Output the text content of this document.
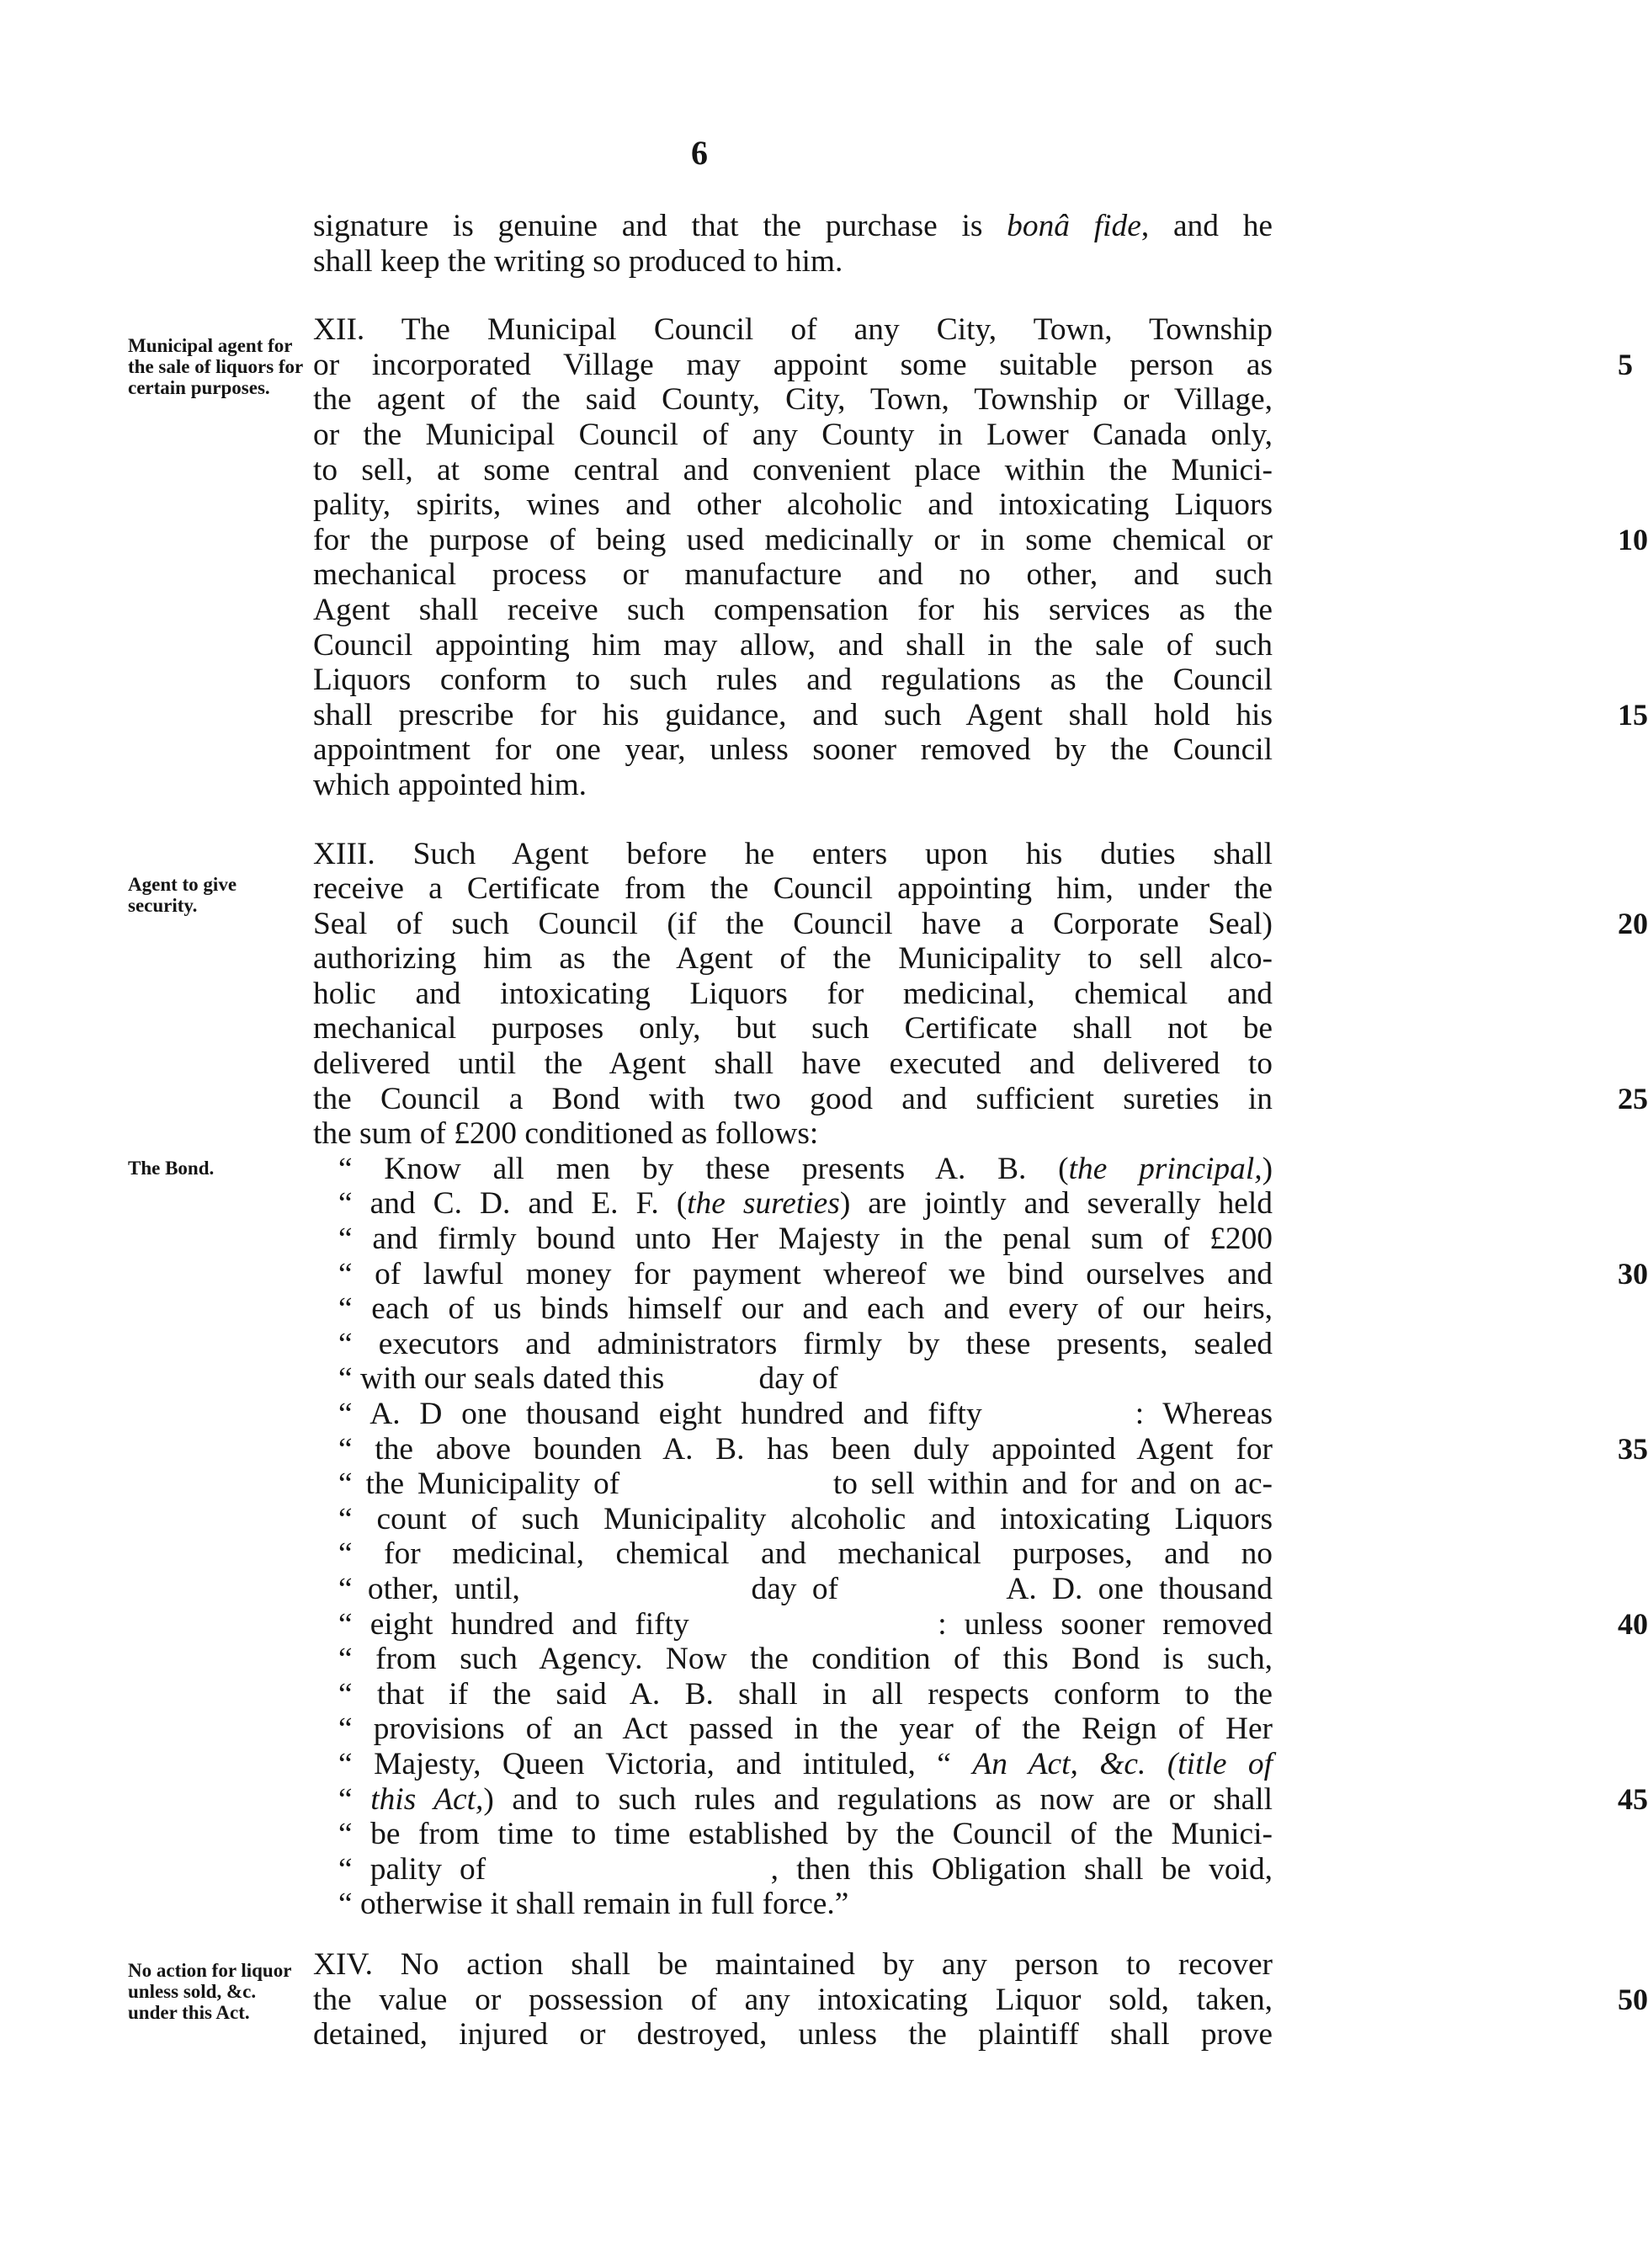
6
Municipal agent for the sale of liquors for certain purposes.
Agent to give security.
The Bond.
No action for liquor unless sold, &c. under this Act.
signature is genuine and that the purchase is bonâ fide, and he
shall keep the writing so produced to him.
XII. The Municipal Council of any City, Town, Township
or incorporated Village may appoint some suitable person as	5
the agent of the said County, City, Town, Township or Village,
or the Municipal Council of any County in Lower Canada only,
to sell, at some central and convenient place within the Munici-
pality, spirits, wines and other alcoholic and intoxicating Liquors
for the purpose of being used medicinally or in some chemical or	10
mechanical process or manufacture and no other, and such
Agent shall receive such compensation for his services as the
Council appointing him may allow, and shall in the sale of such
Liquors conform to such rules and regulations as the Council
shall prescribe for his guidance, and such Agent shall hold his	15
appointment for one year, unless sooner removed by the Council
which appointed him.
XIII. Such Agent before he enters upon his duties shall
receive a Certificate from the Council appointing him, under the
Seal of such Council (if the Council have a Corporate Seal)	20
authorizing him as the Agent of the Municipality to sell alco-
holic and intoxicating Liquors for medicinal, chemical and
mechanical purposes only, but such Certificate shall not be
delivered until the Agent shall have executed and delivered to
the Council a Bond with two good and sufficient sureties in	25
the sum of £200 conditioned as follows:
“ Know all men by these presents A. B. (the principal,)
“ and C. D. and E. F. (the sureties) are jointly and severally held
“ and firmly bound unto Her Majesty in the penal sum of £200
“ of lawful money for payment whereof we bind ourselves and	30
“ each of us binds himself our and each and every of our heirs,
“ executors and administrators firmly by these presents, sealed
“ with our seals dated this            day of
“ A. D one thousand eight hundred and fifty        : Whereas
“ the above bounden A. B. has been duly appointed Agent for	35
“ the Municipality of                to sell within and for and on ac-
“ count of such Municipality alcoholic and intoxicating Liquors
“ for medicinal, chemical and mechanical purposes, and no
“ other, until,               day of           A. D. one thousand
“ eight hundred and fifty              : unless sooner removed	40
“ from such Agency. Now the condition of this Bond is such,
“ that if the said A. B. shall in all respects conform to the
“ provisions of an Act passed in the year of the Reign of Her
“ Majesty, Queen Victoria, and intituled, “ An Act, &c. (title of
“ this Act,) and to such rules and regulations as now are or shall	45
“ be from time to time established by the Council of the Munici-
“ pality of                , then this Obligation shall be void,
“ otherwise it shall remain in full force.”
XIV. No action shall be maintained by any person to recover
the value or possession of any intoxicating Liquor sold, taken,	50
detained, injured or destroyed, unless the plaintiff shall prove
